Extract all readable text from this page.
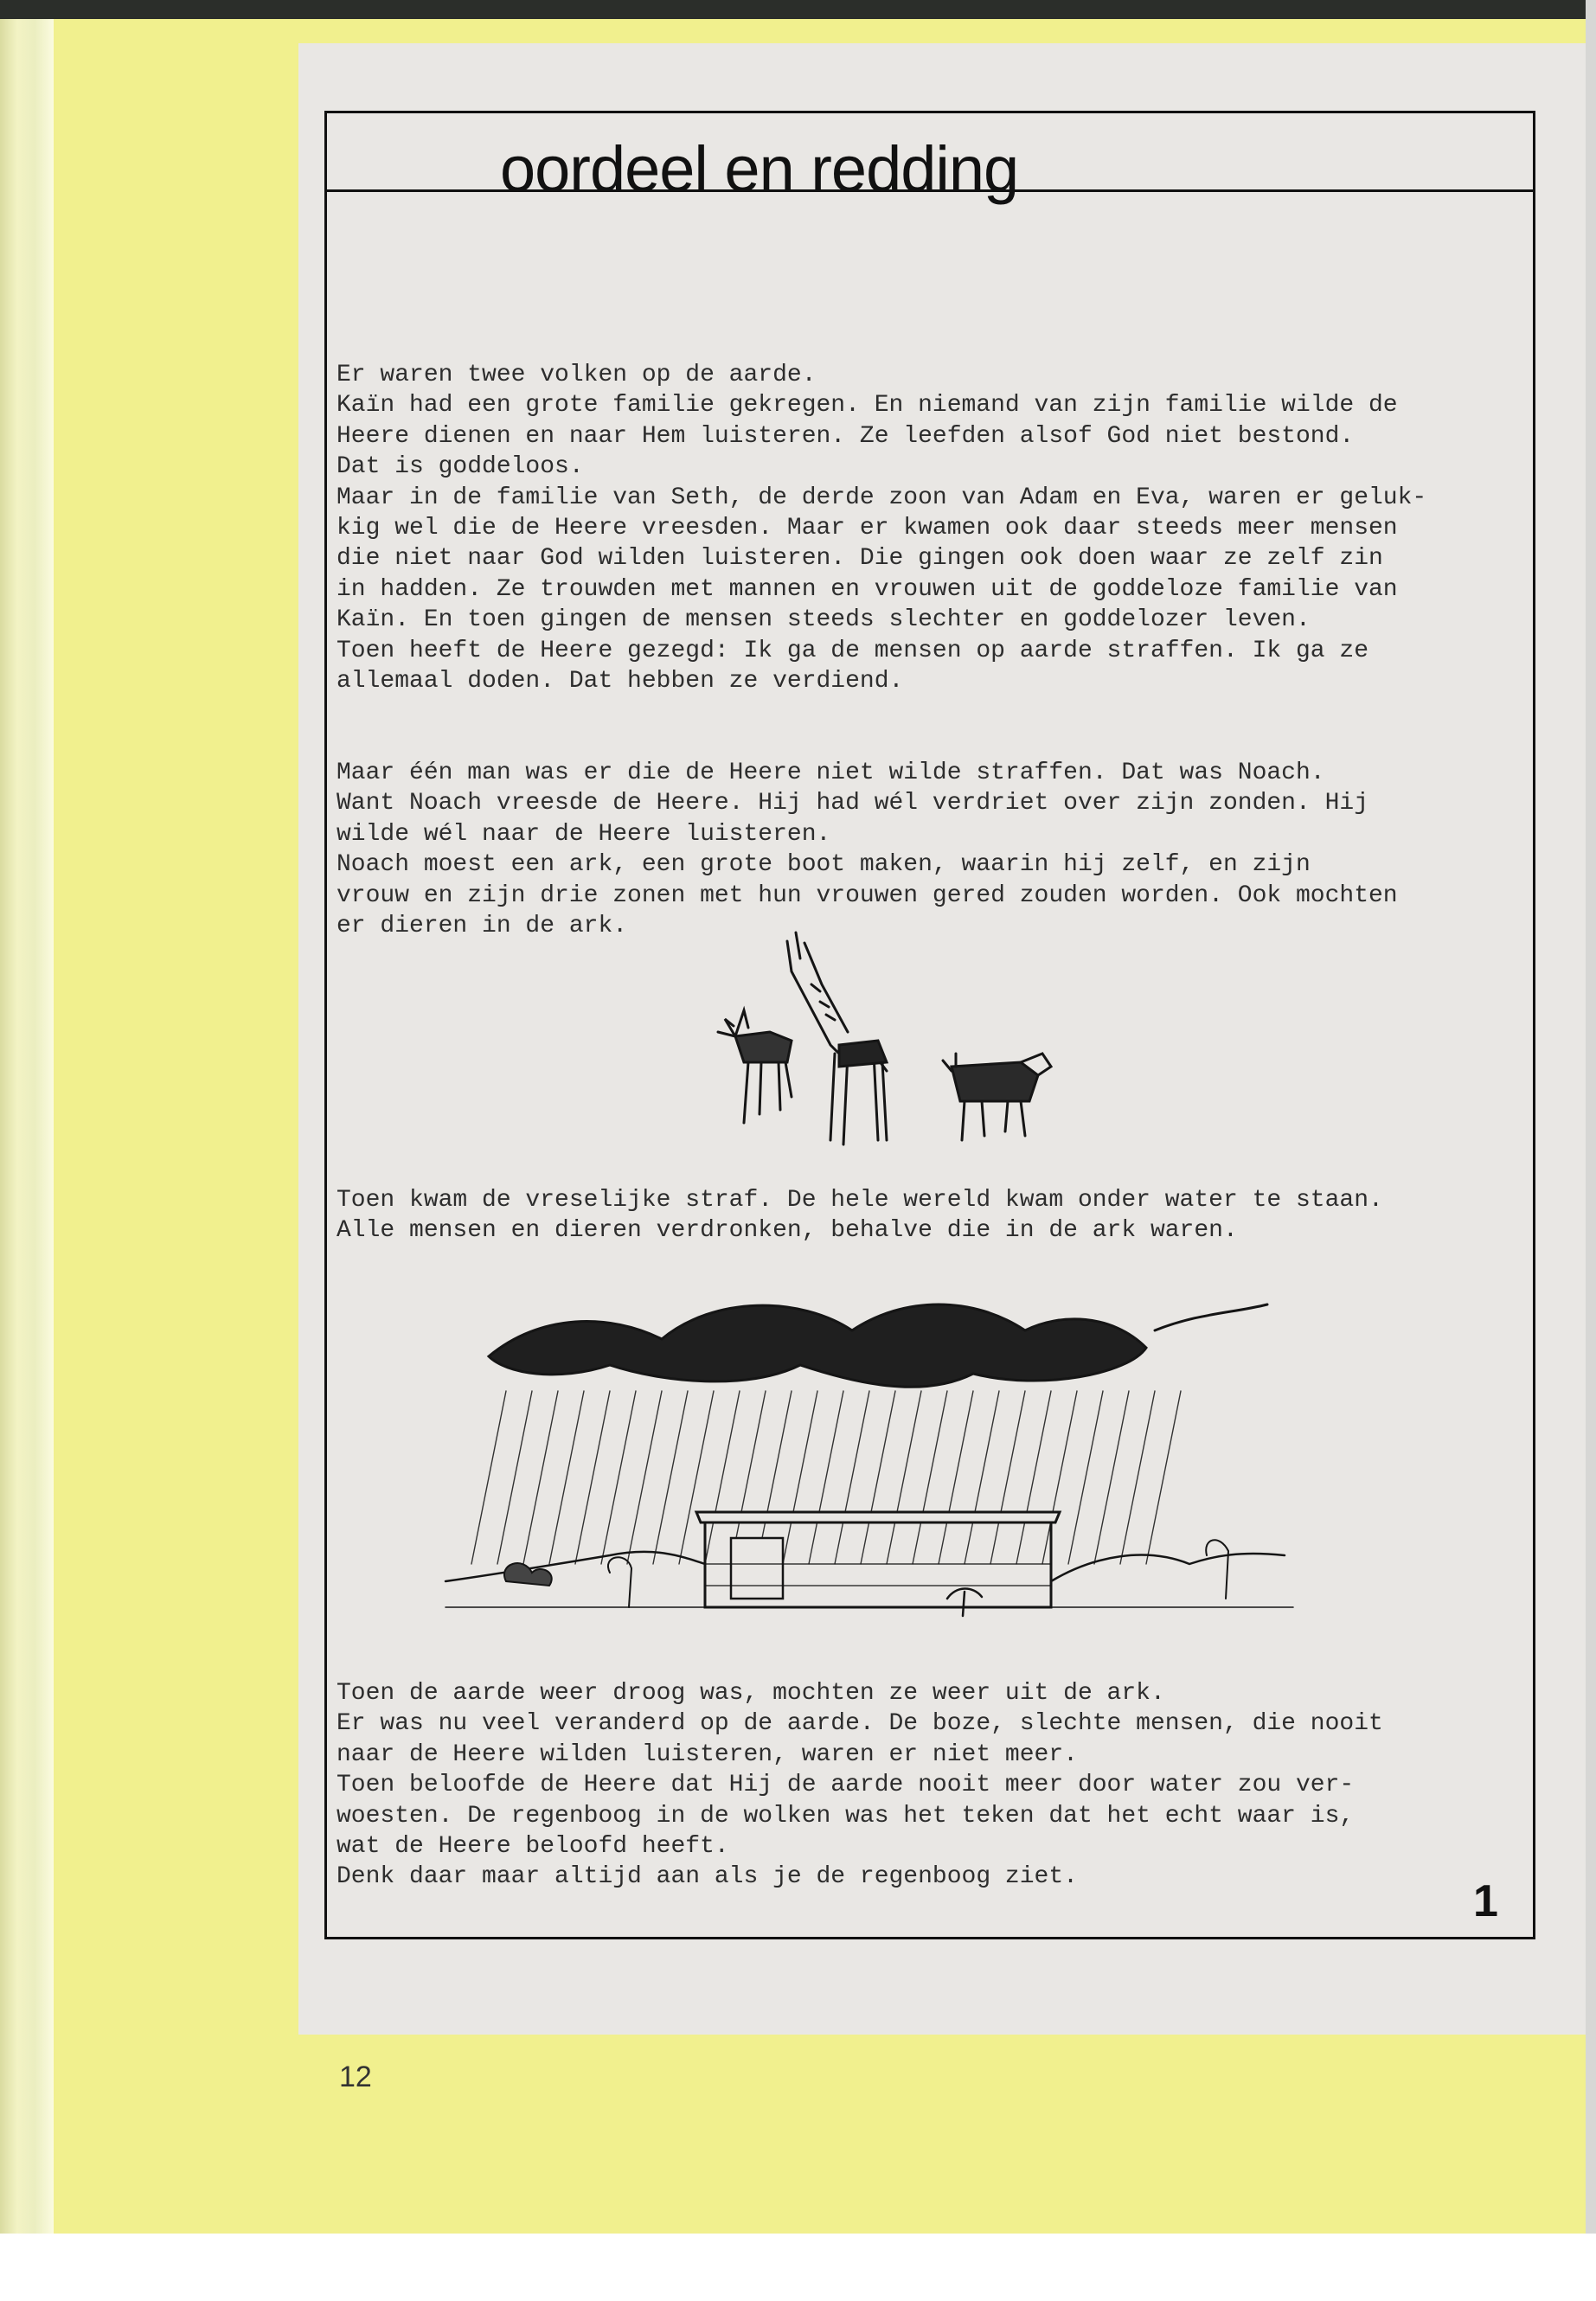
oordeel en redding

Er waren twee volken op de aarde.
Kaïn had een grote familie gekregen. En niemand van zijn familie wilde de
Heere dienen en naar Hem luisteren. Ze leefden alsof God niet bestond.
Dat is goddeloos.
Maar in de familie van Seth, de derde zoon van Adam en Eva, waren er geluk-
kig wel die de Heere vreesden. Maar er kwamen ook daar steeds meer mensen
die niet naar God wilden luisteren. Die gingen ook doen waar ze zelf zin
in hadden. Ze trouwden met mannen en vrouwen uit de goddeloze familie van
Kaïn. En toen gingen de mensen steeds slechter en goddelozer leven.
Toen heeft de Heere gezegd: Ik ga de mensen op aarde straffen. Ik ga ze
allemaal doden. Dat hebben ze verdiend.

Maar één man was er die de Heere niet wilde straffen. Dat was Noach.
Want Noach vreesde de Heere. Hij had wél verdriet over zijn zonden. Hij
wilde wél naar de Heere luisteren.
Noach moest een ark, een grote boot maken, waarin hij zelf, en zijn
vrouw en zijn drie zonen met hun vrouwen gered zouden worden. Ook mochten
er dieren in de ark.

Toen kwam de vreselijke straf. De hele wereld kwam onder water te staan.
Alle mensen en dieren verdronken, behalve die in de ark waren.

Toen de aarde weer droog was, mochten ze weer uit de ark.
Er was nu veel veranderd op de aarde. De boze, slechte mensen, die nooit
naar de Heere wilden luisteren, waren er niet meer.
Toen beloofde de Heere dat Hij de aarde nooit meer door water zou ver-
woesten. De regenboog in de wolken was het teken dat het echt waar is,
wat de Heere beloofd heeft.
Denk daar maar altijd aan als je de regenboog ziet.	1
12
